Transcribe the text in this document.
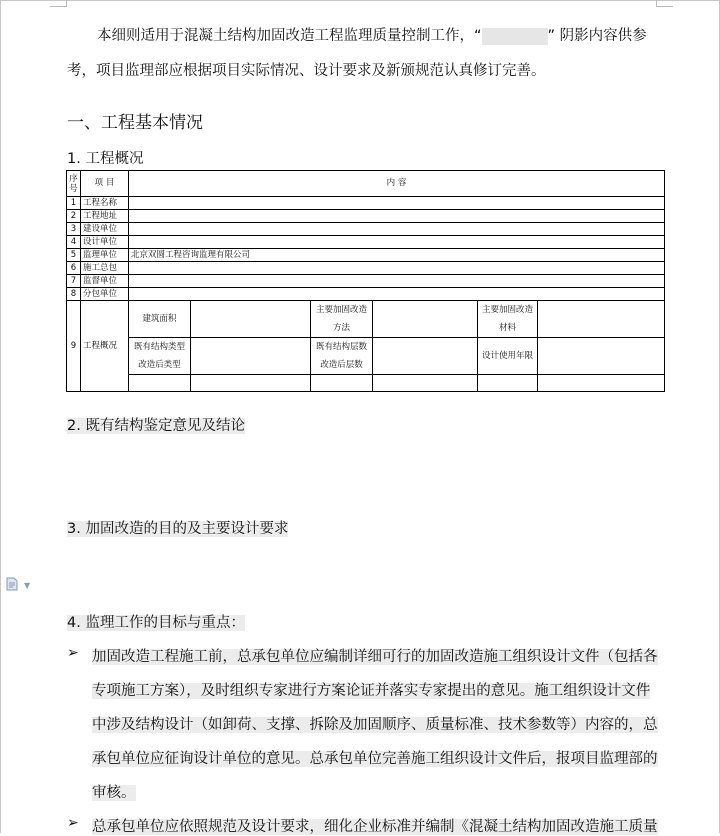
本细则适用于混凝土结构加固改造工程监理质量控制工作，“	” 阴影内容供参
考，项目监理部应根据项目实际情况、设计要求及新颁规范认真修订完善。
一、工程基本情况
1. 工程概况
序号	项 目	内 容					
1	工程名称						
2	工程地址						
3	建设单位						
4	设计单位						
5	监理单位	北京双圆工程咨询监理有限公司					
6	施工总包						
7	监督单位						
8	分包单位						
9	工程概况	建筑面积		主要加固改造方法		主要加固改造材料	
		既有结构类型 改造后类型		既有结构层数 改造后层数		设计使用年限	

2. 既有结构鉴定意见及结论
3. 加固改造的目的及主要设计要求
▼
4. 监理工作的目标与重点：
➢ 加固改造工程施工前，总承包单位应编制详细可行的加固改造施工组织设计文件（包括各
专项施工方案），及时组织专家进行方案论证并落实专家提出的意见。施工组织设计文件
中涉及结构设计（如卸荷、支撑、拆除及加固顺序、质量标准、技术参数等）内容的，总
承包单位应征询设计单位的意见。总承包单位完善施工组织设计文件后，报项目监理部的
审核。
➢ 总承包单位应依照规范及设计要求，细化企业标准并编制《混凝土结构加固改造施工质量
